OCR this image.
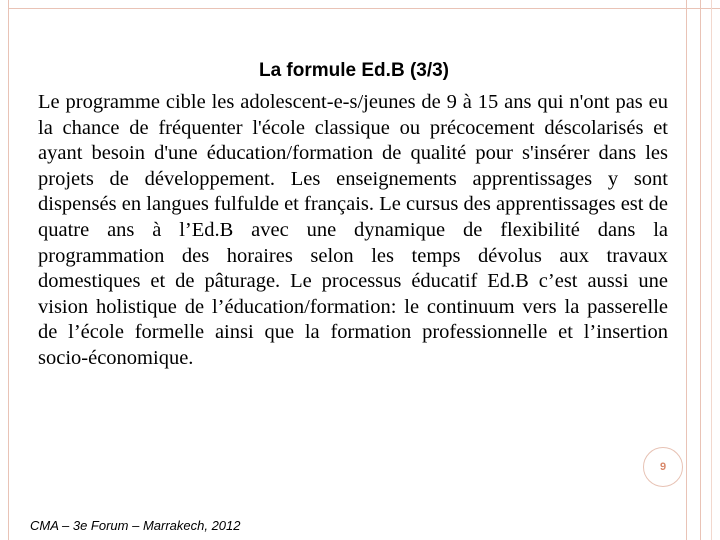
La formule Ed.B (3/3)

Le programme cible les adolescent-e-s/jeunes de 9 à 15 ans qui n'ont pas eu la chance de fréquenter l'école classique ou précocement déscolarisés et ayant besoin d'une éducation/formation de qualité pour s'insérer dans les projets de développement. Les enseignements apprentissages y sont dispensés en langues fulfulde et français. Le cursus des apprentissages est de quatre ans à l’Ed.B avec une dynamique de flexibilité dans la programmation des horaires selon les temps dévolus aux travaux domestiques et de pâturage. Le processus éducatif Ed.B c’est aussi une vision holistique de l’éducation/formation: le continuum vers la passerelle de l’école formelle ainsi que la formation professionnelle et l’insertion socio-économique.

9
CMA – 3e Forum – Marrakech, 2012
